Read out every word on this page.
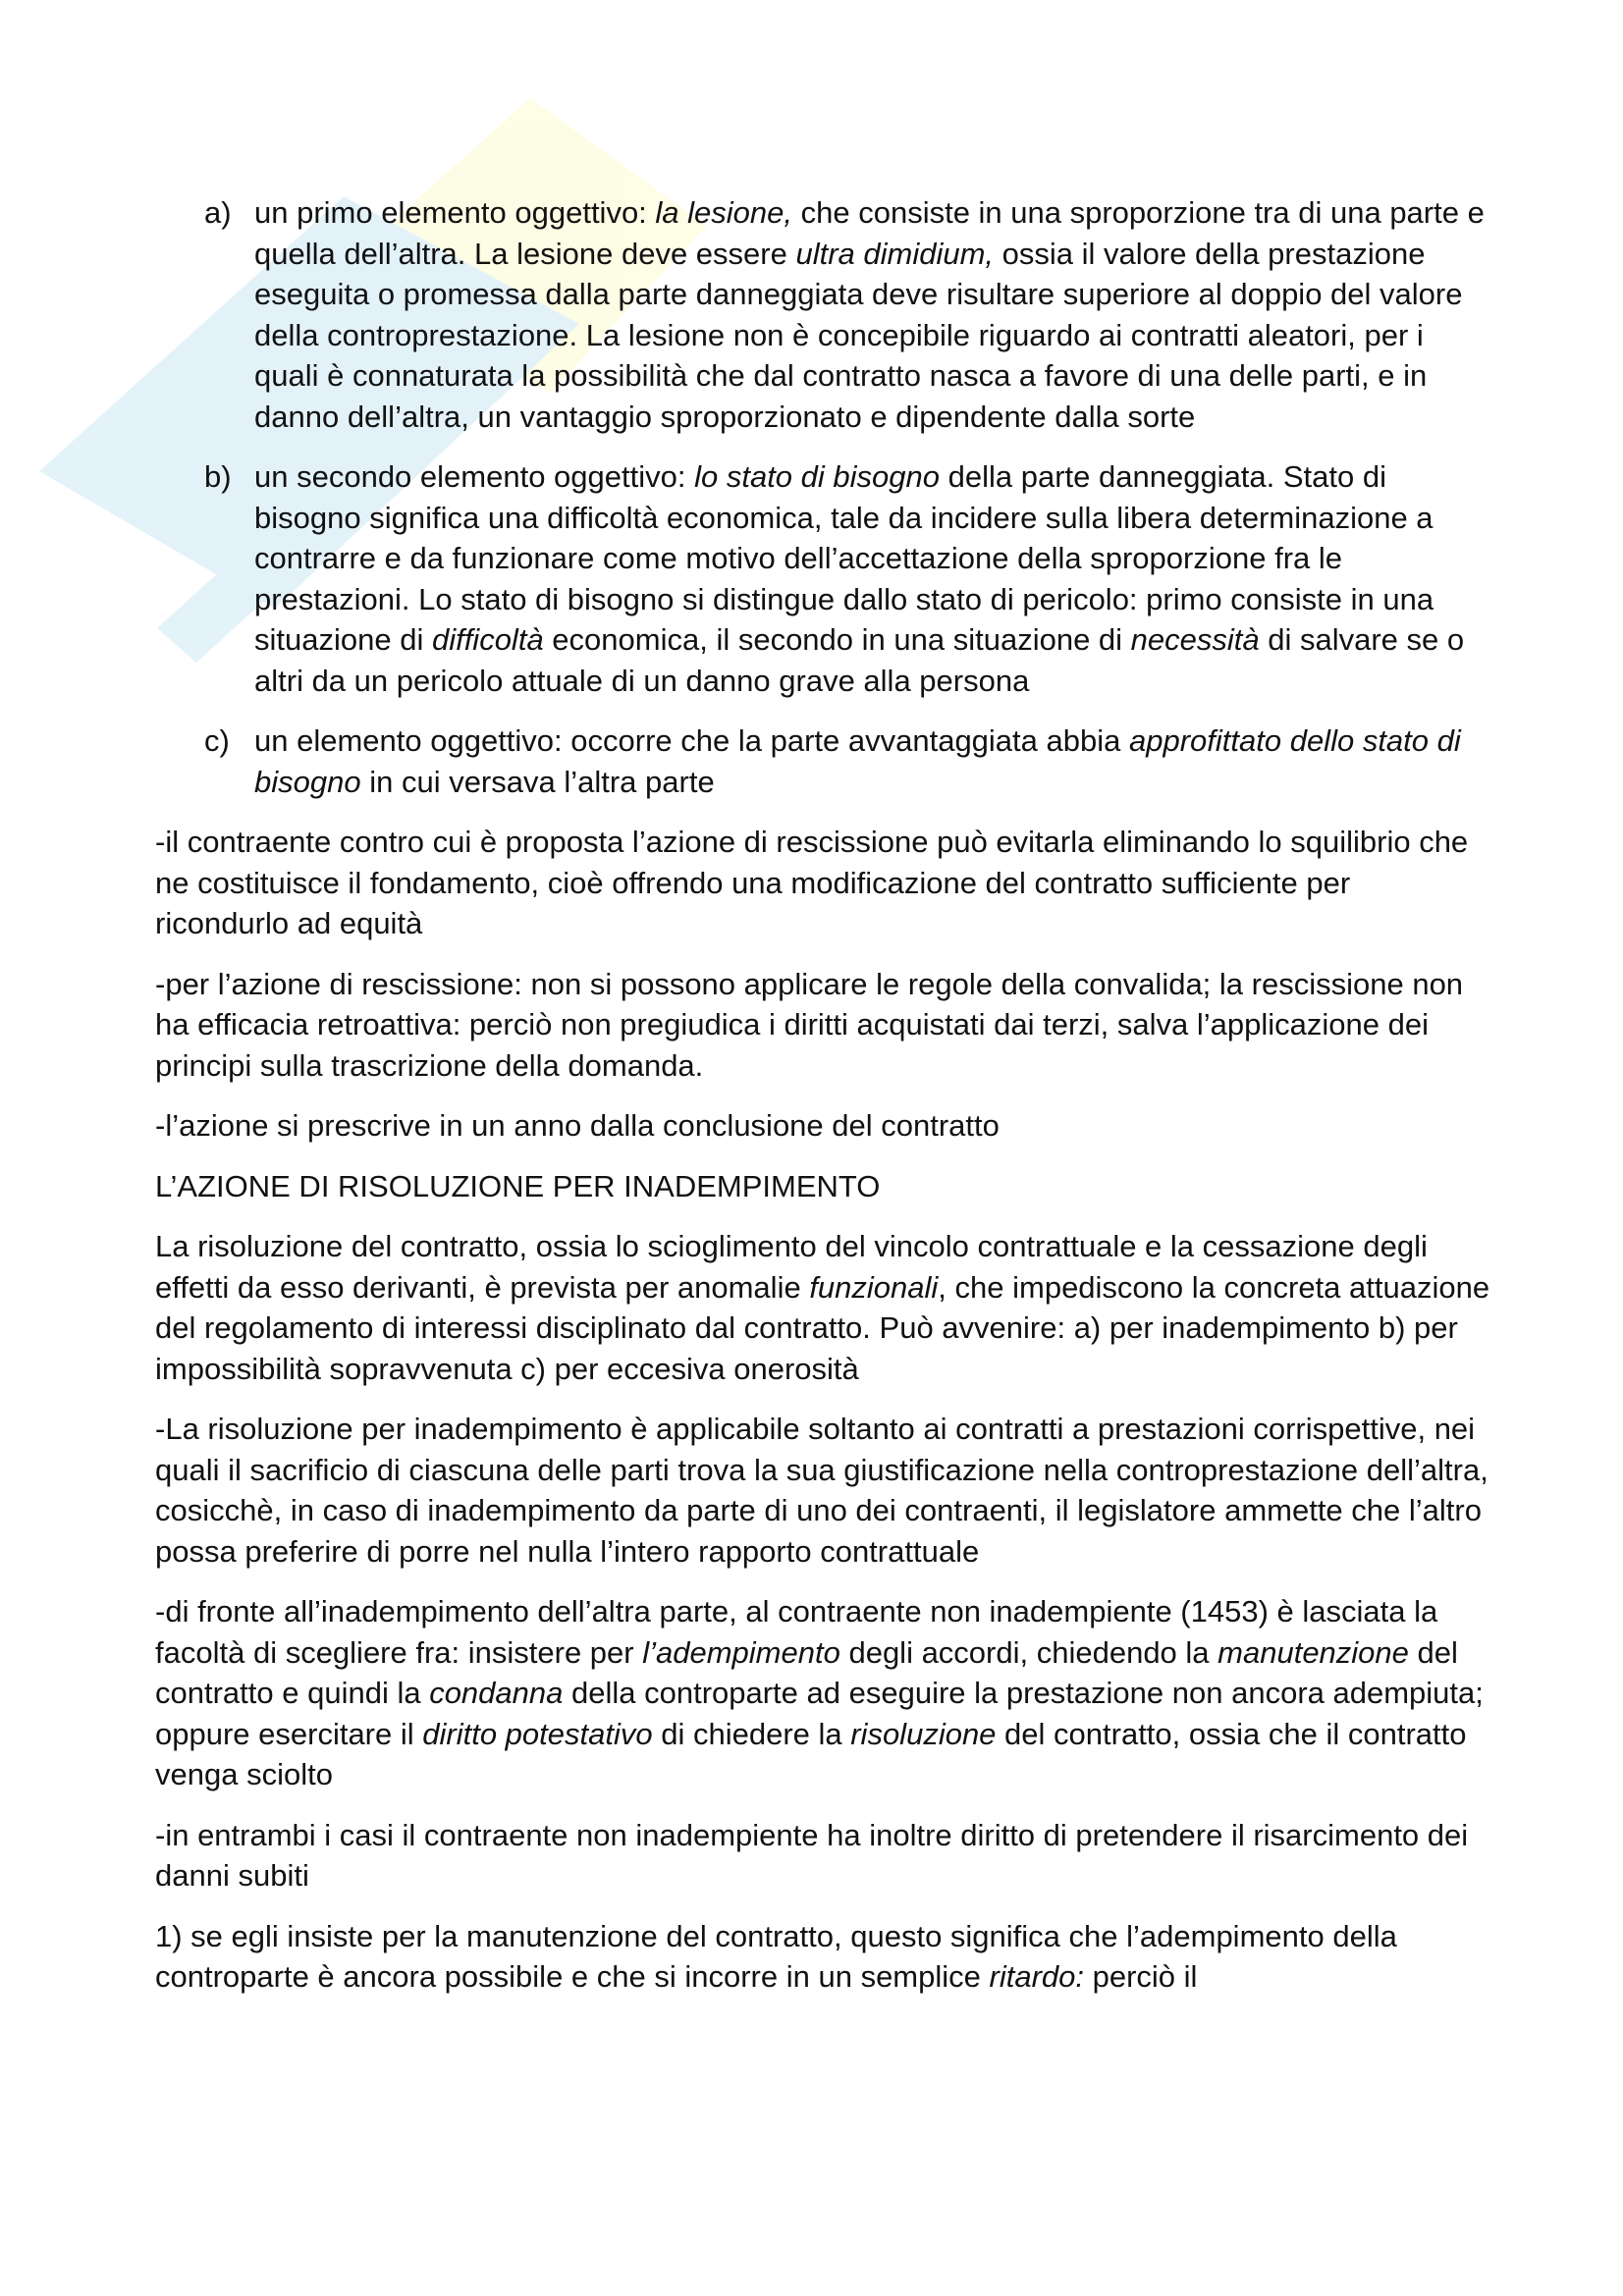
a) un primo elemento oggettivo: la lesione, che consiste in una sproporzione tra di una parte e quella dell’altra. La lesione deve essere ultra dimidium, ossia il valore della prestazione eseguita o promessa dalla parte danneggiata deve risultare superiore al doppio del valore della controprestazione. La lesione non è concepibile riguardo ai contratti aleatori, per i quali è connaturata la possibilità che dal contratto nasca a favore di una delle parti, e in danno dell’altra, un vantaggio sproporzionato e dipendente dalla sorte
b) un secondo elemento oggettivo: lo stato di bisogno della parte danneggiata. Stato di bisogno significa una difficoltà economica, tale da incidere sulla libera determinazione a contrarre e da funzionare come motivo dell’accettazione della sproporzione fra le prestazioni. Lo stato di bisogno si distingue dallo stato di pericolo: primo consiste in una situazione di difficoltà economica, il secondo in una situazione di necessità di salvare se o altri da un pericolo attuale di un danno grave alla persona
c) un elemento oggettivo: occorre che la parte avvantaggiata abbia approfittato dello stato di bisogno in cui versava l’altra parte

-il contraente contro cui è proposta l’azione di rescissione può evitarla eliminando lo squilibrio che ne costituisce il fondamento, cioè offrendo una modificazione del contratto sufficiente per ricondurlo ad equità

-per l’azione di rescissione: non si possono applicare le regole della convalida; la rescissione non ha efficacia retroattiva: perciò non pregiudica i diritti acquistati dai terzi, salva l’applicazione dei principi sulla trascrizione della domanda.

-l’azione si prescrive in un anno dalla conclusione del contratto

L’AZIONE DI RISOLUZIONE PER INADEMPIMENTO

La risoluzione del contratto, ossia lo scioglimento del vincolo contrattuale e la cessazione degli effetti da esso derivanti, è prevista per anomalie funzionali, che impediscono la concreta attuazione del regolamento di interessi disciplinato dal contratto. Può avvenire: a) per inadempimento b) per impossibilità sopravvenuta c) per eccesiva onerosità

-La risoluzione per inadempimento è applicabile soltanto ai contratti a prestazioni corrispettive, nei quali il sacrificio di ciascuna delle parti trova la sua giustificazione nella controprestazione dell’altra, cosicchè, in caso di inadempimento da parte di uno dei contraenti, il legislatore ammette che l’altro possa preferire di porre nel nulla l’intero rapporto contrattuale

-di fronte all’inadempimento dell’altra parte, al contraente non inadempiente (1453) è lasciata la facoltà di scegliere fra: insistere per l’adempimento degli accordi, chiedendo la manutenzione del contratto e quindi la condanna della controparte ad eseguire la prestazione non ancora adempiuta; oppure esercitare il diritto potestativo di chiedere la risoluzione del contratto, ossia che il contratto venga sciolto

-in entrambi i casi il contraente non inadempiente ha inoltre diritto di pretendere il risarcimento dei danni subiti

1) se egli insiste per la manutenzione del contratto, questo significa che l’adempimento della controparte è ancora possibile e che si incorre in un semplice ritardo: perciò il
